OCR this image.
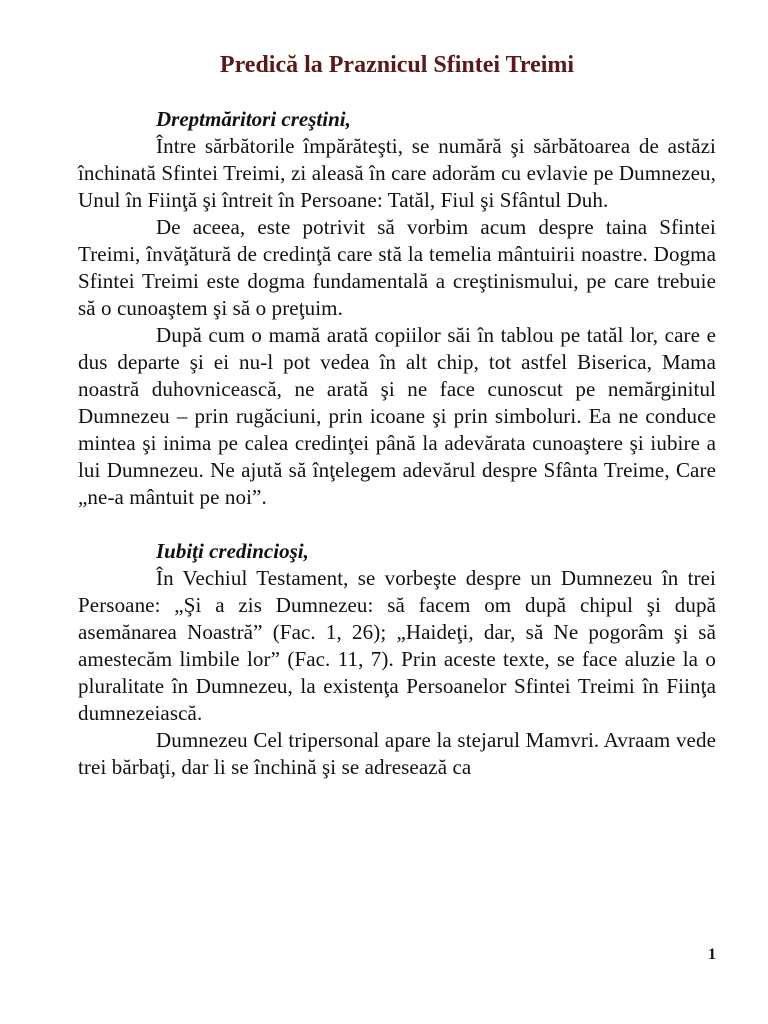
Predică la Praznicul Sfintei Treimi

Dreptmăritori creştini,

Între sărbătorile împărăteşti, se numără şi sărbătoarea de astăzi închinată Sfintei Treimi, zi aleasă în care adorăm cu evlavie pe Dumnezeu, Unul în Fiinţă şi întreit în Persoane: Tatăl, Fiul şi Sfântul Duh.

De aceea, este potrivit să vorbim acum despre taina Sfintei Treimi, învăţătură de credinţă care stă la temelia mântuirii noastre. Dogma Sfintei Treimi este dogma fundamentală a creştinismului, pe care trebuie să o cunoaştem şi să o preţuim.

După cum o mamă arată copiilor săi în tablou pe tatăl lor, care e dus departe şi ei nu-l pot vedea în alt chip, tot astfel Biserica, Mama noastră duhovnicească, ne arată şi ne face cunoscut pe nemărginitul Dumnezeu – prin rugăciuni, prin icoane şi prin simboluri. Ea ne conduce mintea şi inima pe calea credinţei până la adevărata cunoaştere şi iubire a lui Dumnezeu. Ne ajută să înţelegem adevărul despre Sfânta Treime, Care „ne-a mântuit pe noi”.

Iubiţi credincioşi,

În Vechiul Testament, se vorbeşte despre un Dumnezeu în trei Persoane: „Şi a zis Dumnezeu: să facem om după chipul şi după asemănarea Noastră” (Fac. 1, 26); „Haideţi, dar, să Ne pogorâm şi să amestecăm limbile lor” (Fac. 11, 7). Prin aceste texte, se face aluzie la o pluralitate în Dumnezeu, la existenţa Persoanelor Sfintei Treimi în Fiinţa dumnezeiască.

Dumnezeu Cel tripersonal apare la stejarul Mamvri. Avraam vede trei bărbaţi, dar li se închină şi se adresează ca

1
